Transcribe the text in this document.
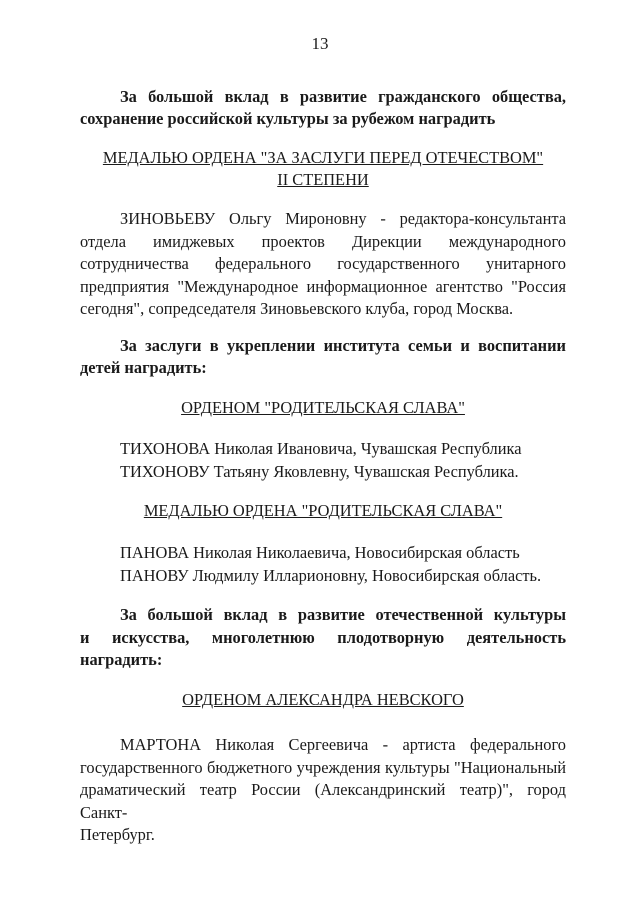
13
За большой вклад в развитие гражданского общества,
сохранение российской культуры за рубежом наградить
МЕДАЛЬЮ ОРДЕНА "ЗА ЗАСЛУГИ ПЕРЕД ОТЕЧЕСТВОМ"
II СТЕПЕНИ
ЗИНОВЬЕВУ Ольгу Мироновну - редактора-консультанта
отдела имиджевых проектов Дирекции международного
сотрудничества федерального государственного унитарного
предприятия "Международное информационное агентство "Россия
сегодня", сопредседателя Зиновьевского клуба, город Москва.
За заслуги в укреплении института семьи и воспитании
детей наградить:
ОРДЕНОМ "РОДИТЕЛЬСКАЯ СЛАВА"
ТИХОНОВА Николая Ивановича, Чувашская Республика
ТИХОНОВУ Татьяну Яковлевну, Чувашская Республика.
МЕДАЛЬЮ ОРДЕНА "РОДИТЕЛЬСКАЯ СЛАВА"
ПАНОВА Николая Николаевича, Новосибирская область
ПАНОВУ Людмилу Илларионовну, Новосибирская область.
За большой вклад в развитие отечественной культуры
и искусства, многолетнюю плодотворную деятельность
наградить:
ОРДЕНОМ АЛЕКСАНДРА НЕВСКОГО
МАРТОНА Николая Сергеевича - артиста федерального
государственного бюджетного учреждения культуры "Национальный
драматический театр России (Александринский театр)", город Санкт-
Петербург.
